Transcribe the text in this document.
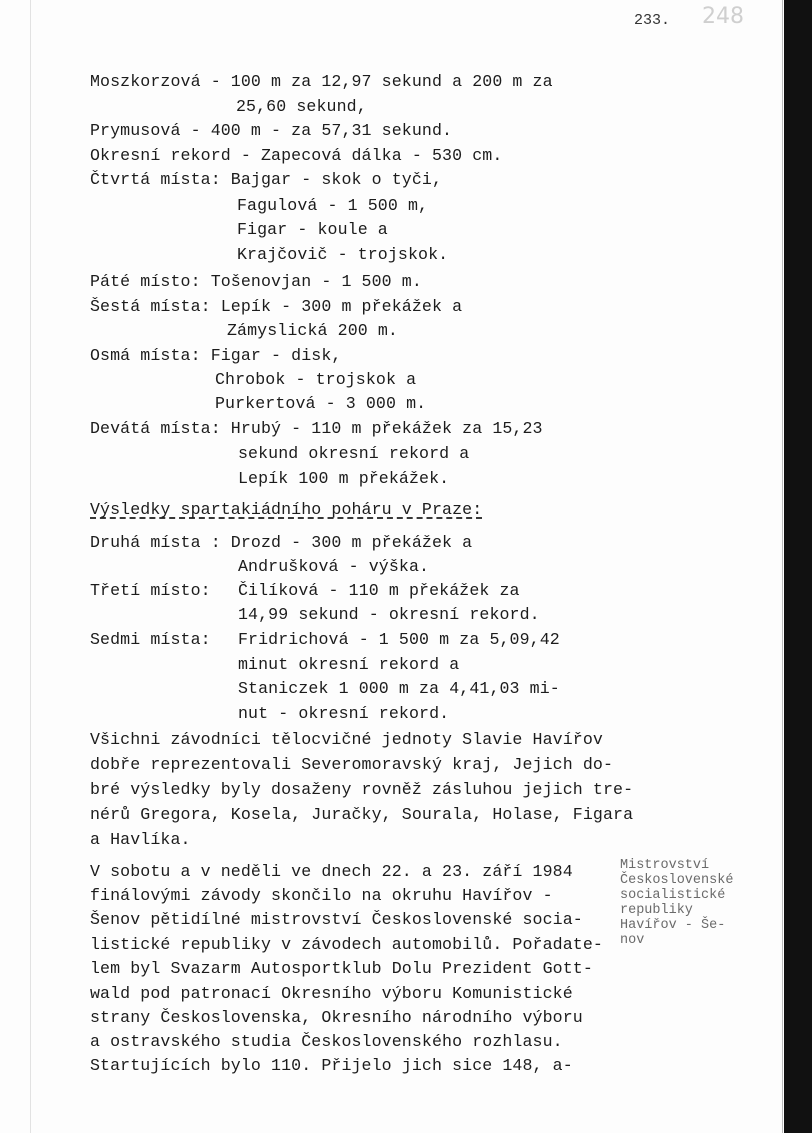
233. 248
Moszkorzová - 100 m za 12,97 sekund a 200 m za
25,60 sekund,
Prymusová - 400 m - za 57,31 sekund.
Okresní rekord - Zapecová dálka - 530 cm.
Čtvrtá místa: Bajgar - skok o tyči,
Fagulová - 1 500 m,
Figar - koule a
Krajčovič - trojskok.
Páté místo: Tošenovjan - 1 500 m.
Šestá místa: Lepík - 300 m překážek a
Zámyslická 200 m.
Osmá místa: Figar - disk,
Chrobok - trojskok a
Purkertová - 3 000 m.
Devátá místa: Hrubý - 110 m překážek za 15,23
sekund okresní rekord a
Lepík 100 m překážek.
Výsledky spartakiádního poháru v Praze:
Druhá místa : Drozd - 300 m překážek a
Andrušková - výška.
Třetí místo: Čilíková - 110 m překážek za
14,99 sekund - okresní rekord.
Sedmi místa: Fridrichová - 1 500 m za 5,09,42
minut okresní rekord a
Staniczek 1 000 m za 4,41,03 mi-
nut - okresní rekord.
Všichni závodníci tělocvičné jednoty Slavie Havířov
dobře reprezentovali Severomoravský kraj, Jejich do-
bré výsledky byly dosaženy rovněž zásluhou jejich tre-
nérů Gregora, Kosela, Juračky, Sourala, Holase, Figara
a Havlíka.
V sobotu a v neděli ve dnech 22. a 23. září 1984
finálovými závody skončilo na okruhu Havířov -
Šenov pětidílné mistrovství Československé socia-
listické republiky v závodech automobilů. Pořadate-
lem byl Svazarm Autosportklub Dolu Prezident Gott-
wald pod patronací Okresního výboru Komunistické
strany Československa, Okresního národního výboru
a ostravského studia Československého rozhlasu.
Startujících bylo 110. Přijelo jich sice 148, a-
Mistrovství
Československé
socialistické
republiky
Havířov - Še-
nov
